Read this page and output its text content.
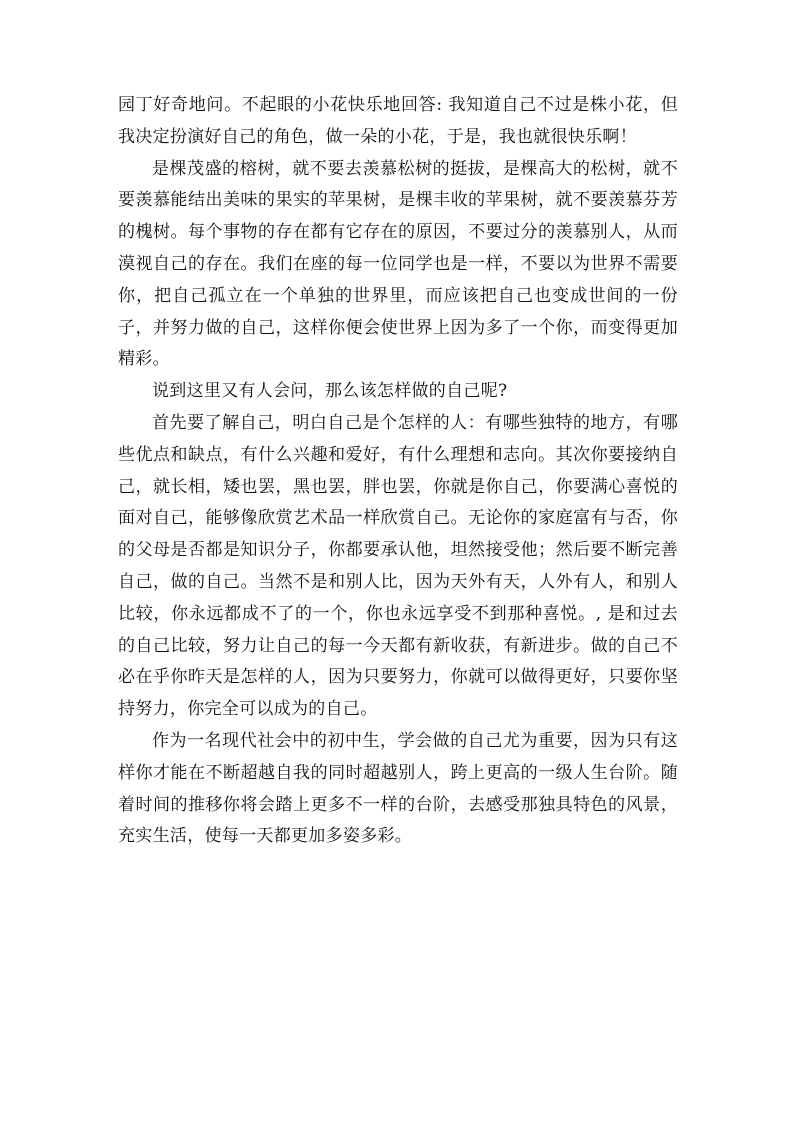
园丁好奇地问。不起眼的小花快乐地回答: 我知道自己不过是株小花，但我决定扮演好自己的角色，做一朵的小花，于是，我也就很快乐啊！

是棵茂盛的榕树，就不要去羡慕松树的挺拔，是棵高大的松树，就不要羡慕能结出美味的果实的苹果树，是棵丰收的苹果树，就不要羡慕芬芳的槐树。每个事物的存在都有它存在的原因，不要过分的羡慕别人，从而漠视自己的存在。我们在座的每一位同学也是一样，不要以为世界不需要你，把自己孤立在一个单独的世界里，而应该把自己也变成世间的一份子，并努力做的自己，这样你便会使世界上因为多了一个你，而变得更加精彩。

说到这里又有人会问，那么该怎样做的自己呢?

首先要了解自己，明白自己是个怎样的人：有哪些独特的地方，有哪些优点和缺点，有什么兴趣和爱好，有什么理想和志向。其次你要接纳自己，就长相，矮也罢，黑也罢，胖也罢，你就是你自己，你要满心喜悦的面对自己，能够像欣赏艺术品一样欣赏自己。无论你的家庭富有与否，你的父母是否都是知识分子，你都要承认他，坦然接受他；然后要不断完善自己，做的自己。当然不是和别人比，因为天外有天，人外有人，和别人比较，你永远都成不了的一个，你也永远享受不到那种喜悦。, 是和过去的自己比较，努力让自己的每一今天都有新收获，有新进步。做的自己不必在乎你昨天是怎样的人，因为只要努力，你就可以做得更好，只要你坚持努力，你完全可以成为的自己。

作为一名现代社会中的初中生，学会做的自己尤为重要，因为只有这样你才能在不断超越自我的同时超越别人，跨上更高的一级人生台阶。随着时间的推移你将会踏上更多不一样的台阶，去感受那独具特色的风景，充实生活，使每一天都更加多姿多彩。
